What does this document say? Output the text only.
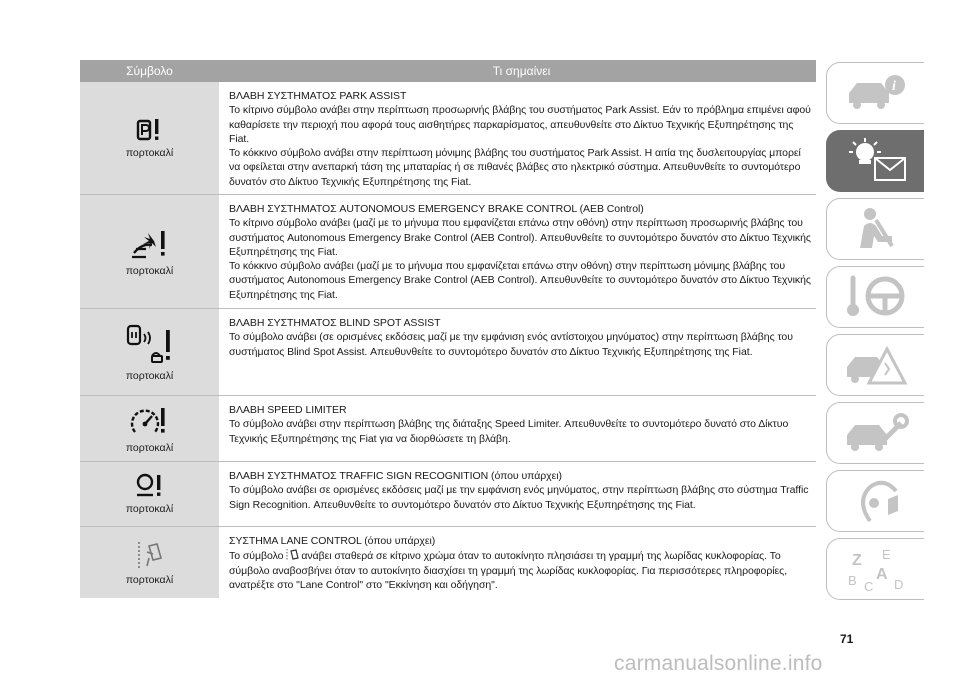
Σύμβολο	Τι σημαίνει
πορτοκαλί

ΒΛΑΒΗ ΣΥΣΤΗΜΑΤΟΣ PARK ASSIST

Το κίτρινο σύμβολο ανάβει στην περίπτωση προσωρινής βλάβης του συστήματος Park Assist. Εάν το πρόβλημα επιμένει αφού καθαρίσετε την περιοχή που αφορά τους αισθητήρες παρκαρίσματος, απευθυνθείτε στο Δίκτυο Τεχνικής Εξυπηρέτησης της Fiat.

Το κόκκινο σύμβολο ανάβει στην περίπτωση μόνιμης βλάβης του συστήματος Park Assist. Η αιτία της δυσλειτουργίας μπορεί να οφείλεται στην ανεπαρκή τάση της μπαταρίας ή σε πιθανές βλάβες στο ηλεκτρικό σύστημα. Απευθυνθείτε το συντομότερο δυνατόν στο Δίκτυο Τεχνικής Εξυπηρέτησης της Fiat.

πορτοκαλί

ΒΛΑΒΗ ΣΥΣΤΗΜΑΤΟΣ AUTONOMOUS EMERGENCY BRAKE CONTROL (AEB Control)

Το κίτρινο σύμβολο ανάβει (μαζί με το μήνυμα που εμφανίζεται επάνω στην οθόνη) στην περίπτωση προσωρινής βλάβης του συστήματος Autonomous Emergency Brake Control (AEB Control). Απευθυνθείτε το συντομότερο δυνατόν στο Δίκτυο Τεχνικής Εξυπηρέτησης της Fiat.

Το κόκκινο σύμβολο ανάβει (μαζί με το μήνυμα που εμφανίζεται επάνω στην οθόνη) στην περίπτωση μόνιμης βλάβης του συστήματος Autonomous Emergency Brake Control (AEB Control). Απευθυνθείτε το συντομότερο δυνατόν στο Δίκτυο Τεχνικής Εξυπηρέτησης της Fiat.

πορτοκαλί

ΒΛΑΒΗ ΣΥΣΤΗΜΑΤΟΣ BLIND SPOT ASSIST

Το σύμβολο ανάβει (σε ορισμένες εκδόσεις μαζί με την εμφάνιση ενός αντίστοιχου μηνύματος) στην περίπτωση βλάβης του συστήματος Blind Spot Assist. Απευθυνθείτε το συντομότερο δυνατόν στο Δίκτυο Τεχνικής Εξυπηρέτησης της Fiat.

πορτοκαλί

ΒΛΑΒΗ SPEED LIMITER

Το σύμβολο ανάβει στην περίπτωση βλάβης της διάταξης Speed Limiter. Απευθυνθείτε το συντομότερο δυνατό στο Δίκτυο Τεχνικής Εξυπηρέτησης της Fiat για να διορθώσετε τη βλάβη.

πορτοκαλί

ΒΛΑΒΗ ΣΥΣΤΗΜΑΤΟΣ TRAFFIC SIGN RECOGNITION (όπου υπάρχει)

Το σύμβολο ανάβει σε ορισμένες εκδόσεις μαζί με την εμφάνιση ενός μηνύματος, στην περίπτωση βλάβης στο σύστημα Traffic Sign Recognition. Απευθυνθείτε το συντομότερο δυνατόν στο Δίκτυο Τεχνικής Εξυπηρέτησης της Fiat.

πορτοκαλί

ΣΥΣΤΗΜΑ LANE CONTROL (όπου υπάρχει)

Το σύμβολο ανάβει σταθερά σε κίτρινο χρώμα όταν το αυτοκίνητο πλησιάσει τη γραμμή της λωρίδας κυκλοφορίας. Το σύμβολο αναβοσβήνει όταν το αυτοκίνητο διασχίσει τη γραμμή της λωρίδας κυκλοφορίας. Για περισσότερες πληροφορίες, ανατρέξτε στο "Lane Control" στο "Εκκίνηση και οδήγηση".

i
Z E
B A
C D
71
carmanualsonline.info
